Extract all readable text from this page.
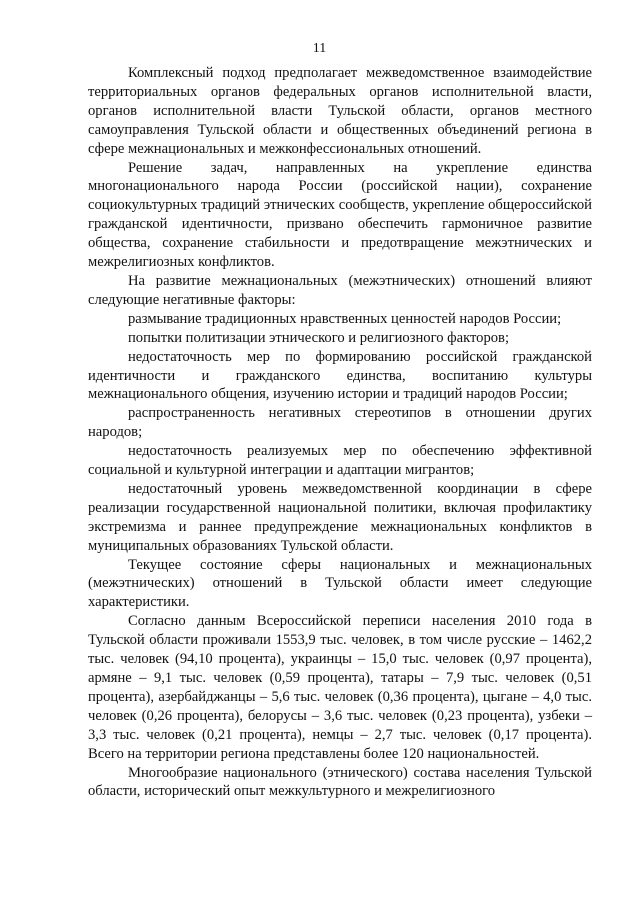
11

Комплексный подход предполагает межведомственное взаимодействие территориальных органов федеральных органов исполнительной власти, органов исполнительной власти Тульской области, органов местного самоуправления Тульской области и общественных объединений региона в сфере межнациональных и межконфессиональных отношений.

Решение задач, направленных на укрепление единства многонационального народа России (российской нации), сохранение социокультурных традиций этнических сообществ, укрепление общероссийской гражданской идентичности, призвано обеспечить гармоничное развитие общества, сохранение стабильности и предотвращение межэтнических и межрелигиозных конфликтов.

На развитие межнациональных (межэтнических) отношений влияют следующие негативные факторы:

размывание традиционных нравственных ценностей народов России;

попытки политизации этнического и религиозного факторов;

недостаточность мер по формированию российской гражданской идентичности и гражданского единства, воспитанию культуры межнационального общения, изучению истории и традиций народов России;

распространенность негативных стереотипов в отношении других народов;

недостаточность реализуемых мер по обеспечению эффективной социальной и культурной интеграции и адаптации мигрантов;

недостаточный уровень межведомственной координации в сфере реализации государственной национальной политики, включая профилактику экстремизма и раннее предупреждение межнациональных конфликтов в муниципальных образованиях Тульской области.

Текущее состояние сферы национальных и межнациональных (межэтнических) отношений в Тульской области имеет следующие характеристики.

Согласно данным Всероссийской переписи населения 2010 года в Тульской области проживали 1553,9 тыс. человек, в том числе русские – 1462,2 тыс. человек (94,10 процента), украинцы – 15,0 тыс. человек (0,97 процента), армяне – 9,1 тыс. человек (0,59 процента), татары – 7,9 тыс. человек (0,51 процента), азербайджанцы – 5,6 тыс. человек (0,36 процента), цыгане – 4,0 тыс. человек (0,26 процента), белорусы – 3,6 тыс. человек (0,23 процента), узбеки – 3,3 тыс. человек (0,21 процента), немцы – 2,7 тыс. человек (0,17 процента). Всего на территории региона представлены более 120 национальностей.

Многообразие национального (этнического) состава населения Тульской области, исторический опыт межкультурного и межрелигиозного
